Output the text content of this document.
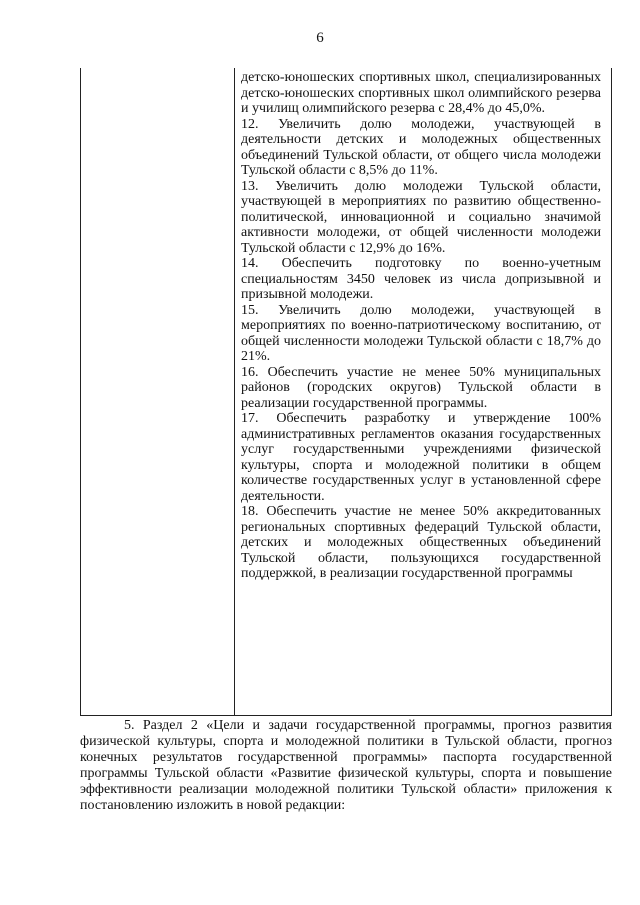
6

детско-юношеских спортивных школ, специализированных детско-юношеских спортивных школ олимпийского резерва и училищ олимпийского резерва с 28,4% до 45,0%.

12. Увеличить долю молодежи, участвующей в деятельности детских и молодежных общественных объединений Тульской области, от общего числа молодежи Тульской области с 8,5% до 11%.

13. Увеличить долю молодежи Тульской области, участвующей в мероприятиях по развитию общественно-политической, инновационной и социально значимой активности молодежи, от общей численности молодежи Тульской области с 12,9% до 16%.

14. Обеспечить подготовку по военно-учетным специальностям 3450 человек из числа допризывной и призывной молодежи.

15. Увеличить долю молодежи, участвующей в мероприятиях по военно-патриотическому воспитанию, от общей численности молодежи Тульской области с 18,7% до 21%.

16. Обеспечить участие не менее 50% муниципальных районов (городских округов) Тульской области в реализации государственной программы.

17. Обеспечить разработку и утверждение 100% административных регламентов оказания государственных услуг государственными учреждениями физической культуры, спорта и молодежной политики в общем количестве государственных услуг в установленной сфере деятельности.

18. Обеспечить участие не менее 50% аккредитованных региональных спортивных федераций Тульской области, детских и молодежных общественных объединений Тульской области, пользующихся государственной поддержкой, в реализации государственной программы

5. Раздел 2 «Цели и задачи государственной программы, прогноз развития физической культуры, спорта и молодежной политики в Тульской области, прогноз конечных результатов государственной программы» паспорта государственной программы Тульской области «Развитие физической культуры, спорта и повышение эффективности реализации молодежной политики Тульской области» приложения к постановлению изложить в новой редакции:
